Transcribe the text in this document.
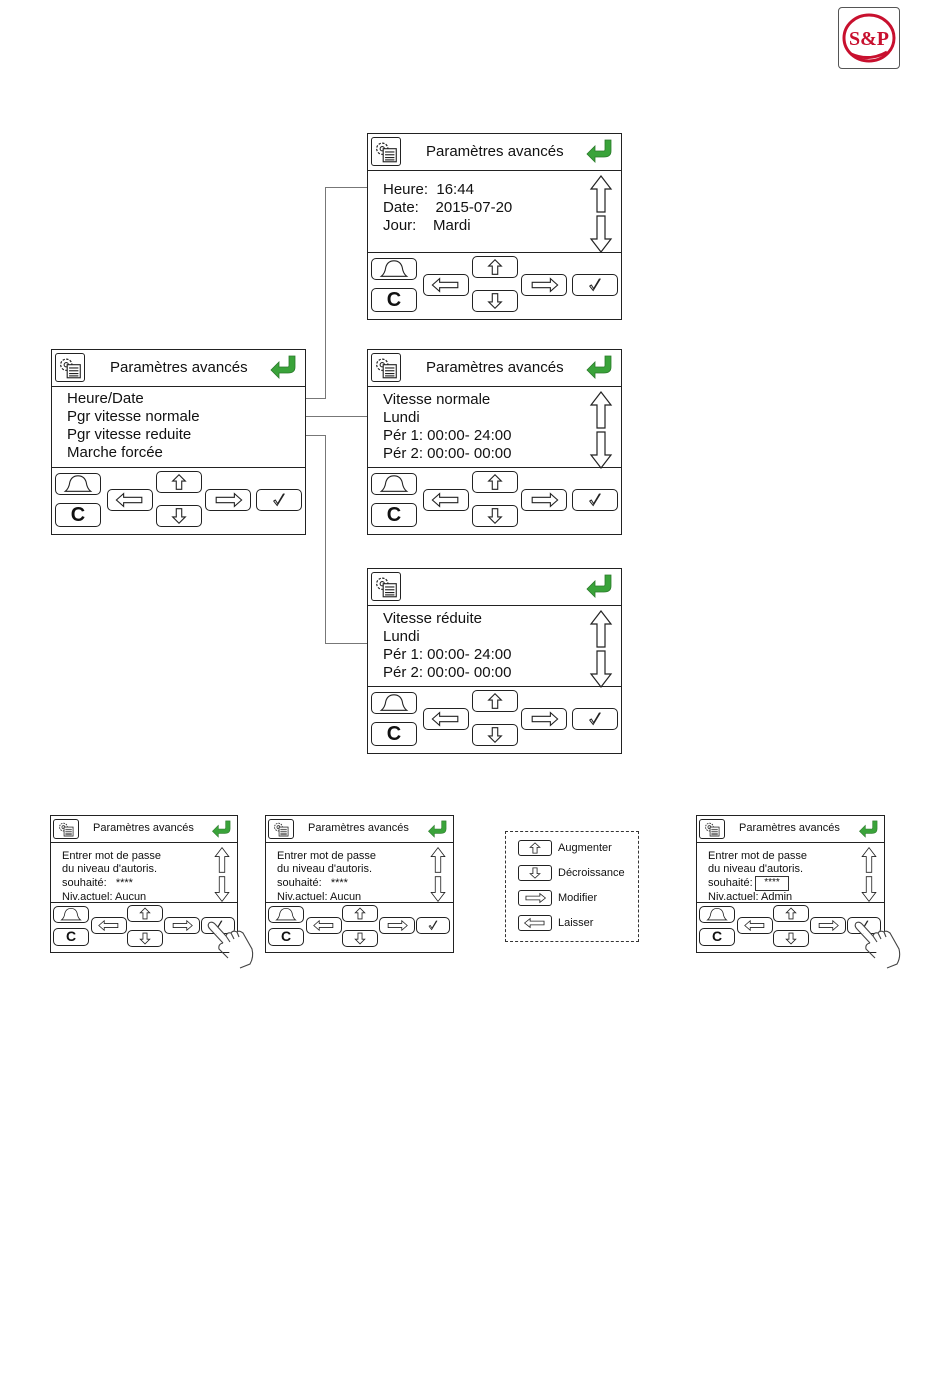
S&P
Paramètres avancés
Heure/Date
Pgr vitesse normale
Pgr vitesse reduite
Marche forcée
C
Paramètres avancés
Heure: 16:44
Date: 2015-07-20
Jour: Mardi
C
Paramètres avancés
Vitesse normale
Lundi
Pér 1: 00:00- 24:00
Pér 2: 00:00- 00:00
C
Vitesse réduite
Lundi
Pér 1: 00:00- 24:00
Pér 2: 00:00- 00:00
C
Paramètres avancés
Entrer mot de passe
du niveau d'autoris.
souhaité:   ****
Niv.actuel: Aucun
C
Paramètres avancés
Entrer mot de passe
du niveau d'autoris.
souhaité:   ****
Niv.actuel: Aucun
C
Augmenter
Décroissance
Modifier
Laisser
Paramètres avancés
Entrer mot de passe
du niveau d'autoris.
souhaité:	****
Niv.actuel: Admin
C
